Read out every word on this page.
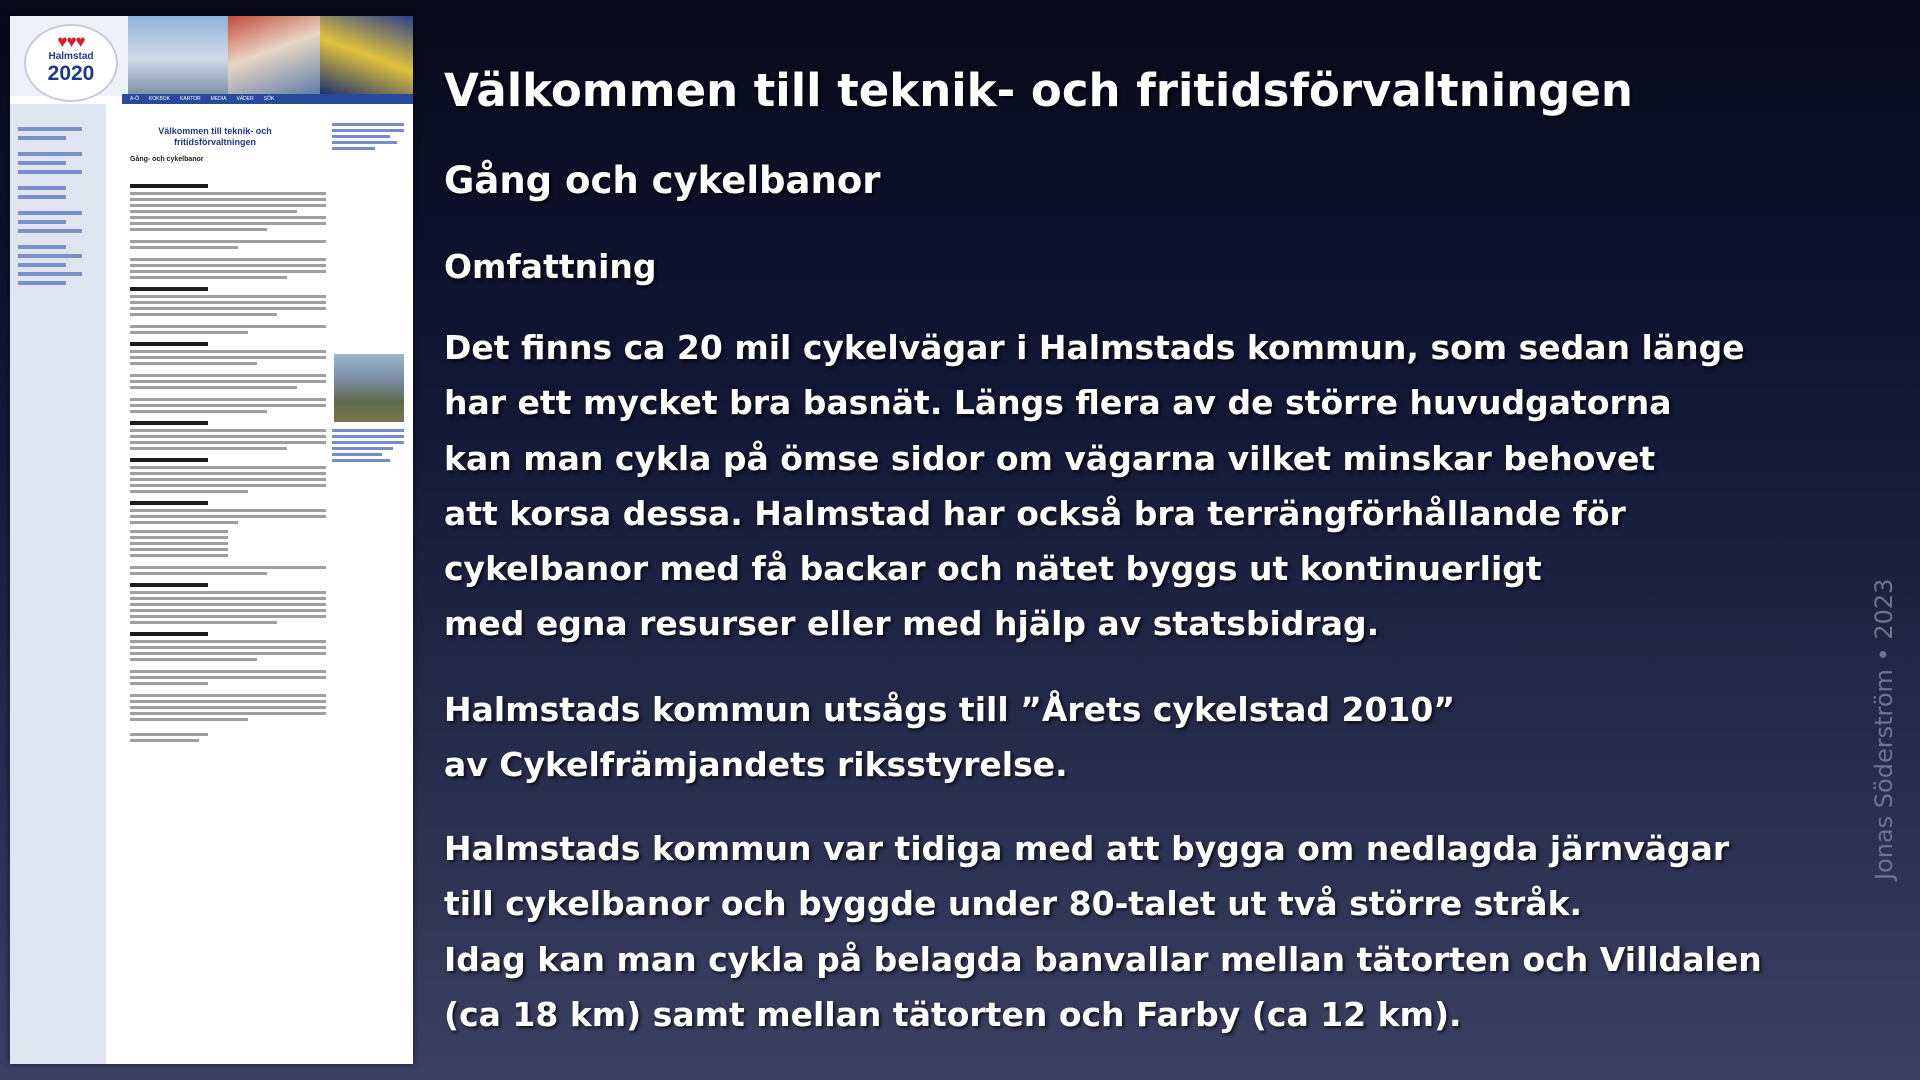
♥♥♥
Halmstad
2020
A-Ö KOKBOK KARTOR MEDIA VÄDER SÖK
Välkommen till teknik- och fritidsförvaltningen
Gång- och cykelbanor
Välkommen till teknik- och fritidsförvaltningen
Gång och cykelbanor
Omfattning
Det finns ca 20 mil cykelvägar i Halmstads kommun, som sedan länge
har ett mycket bra basnät. Längs flera av de större huvudgatorna
kan man cykla på ömse sidor om vägarna vilket minskar behovet
att korsa dessa. Halmstad har också bra terrängförhållande för
cykelbanor med få backar och nätet byggs ut kontinuerligt
med egna resurser eller med hjälp av statsbidrag.
Halmstads kommun utsågs till ”Årets cykelstad 2010”
av Cykelfrämjandets riksstyrelse.
Halmstads kommun var tidiga med att bygga om nedlagda järnvägar
till cykelbanor och byggde under 80-talet ut två större stråk.
Idag kan man cykla på belagda banvallar mellan tätorten och Villdalen
(ca 18 km) samt mellan tätorten och Farby (ca 12 km).
Jonas Söderström • 2023
